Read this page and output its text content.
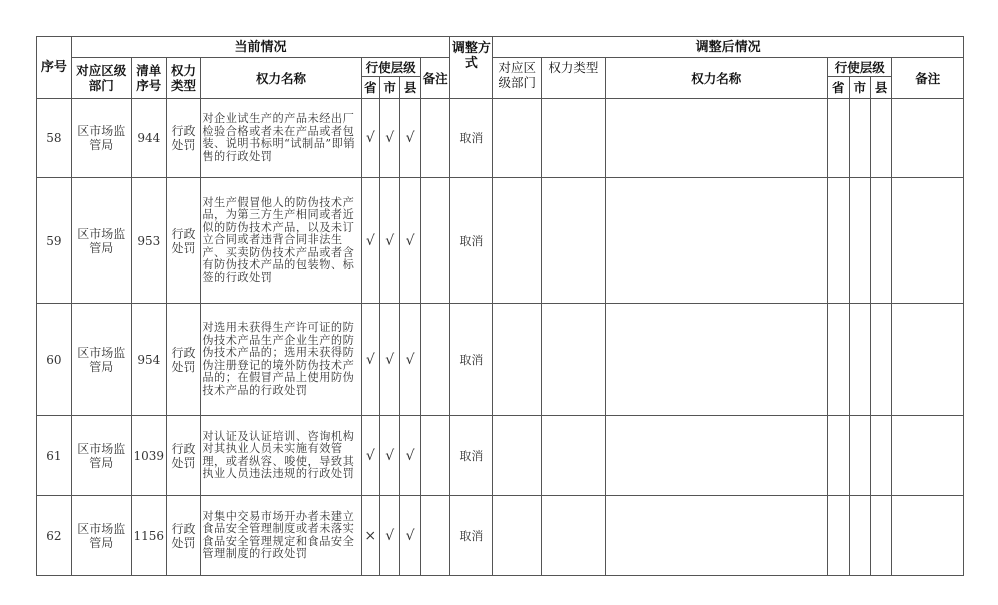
序号	当前情况								调整方式	调整后情况						
	对应区级部门	清单序号	权力类型	权力名称	行使层级			备注		对应区级部门	权力类型	权力名称	行使层级			备注
					省	市	县						省	市	县	
58	区市场监管局	944	行政处罚	对企业试生产的产品未经出厂检验合格或者未在产品或者包装、说明书标明“试制品”即销售的行政处罚	√	√	√		取消							
59	区市场监管局	953	行政处罚	对生产假冒他人的防伪技术产品，为第三方生产相同或者近似的防伪技术产品，以及未订立合同或者违背合同非法生产、买卖防伪技术产品或者含有防伪技术产品的包装物、标签的行政处罚	√	√	√		取消							
60	区市场监管局	954	行政处罚	对选用未获得生产许可证的防伪技术产品生产企业生产的防伪技术产品的；选用未获得防伪注册登记的境外防伪技术产品的；在假冒产品上使用防伪技术产品的行政处罚	√	√	√		取消							
61	区市场监管局	1039	行政处罚	对认证及认证培训、咨询机构对其执业人员未实施有效管理，或者纵容、唆使，导致其执业人员违法违规的行政处罚	√	√	√		取消							
62	区市场监管局	1156	行政处罚	对集中交易市场开办者未建立食品安全管理制度或者未落实食品安全管理规定和食品安全管理制度的行政处罚	×	√	√		取消							
